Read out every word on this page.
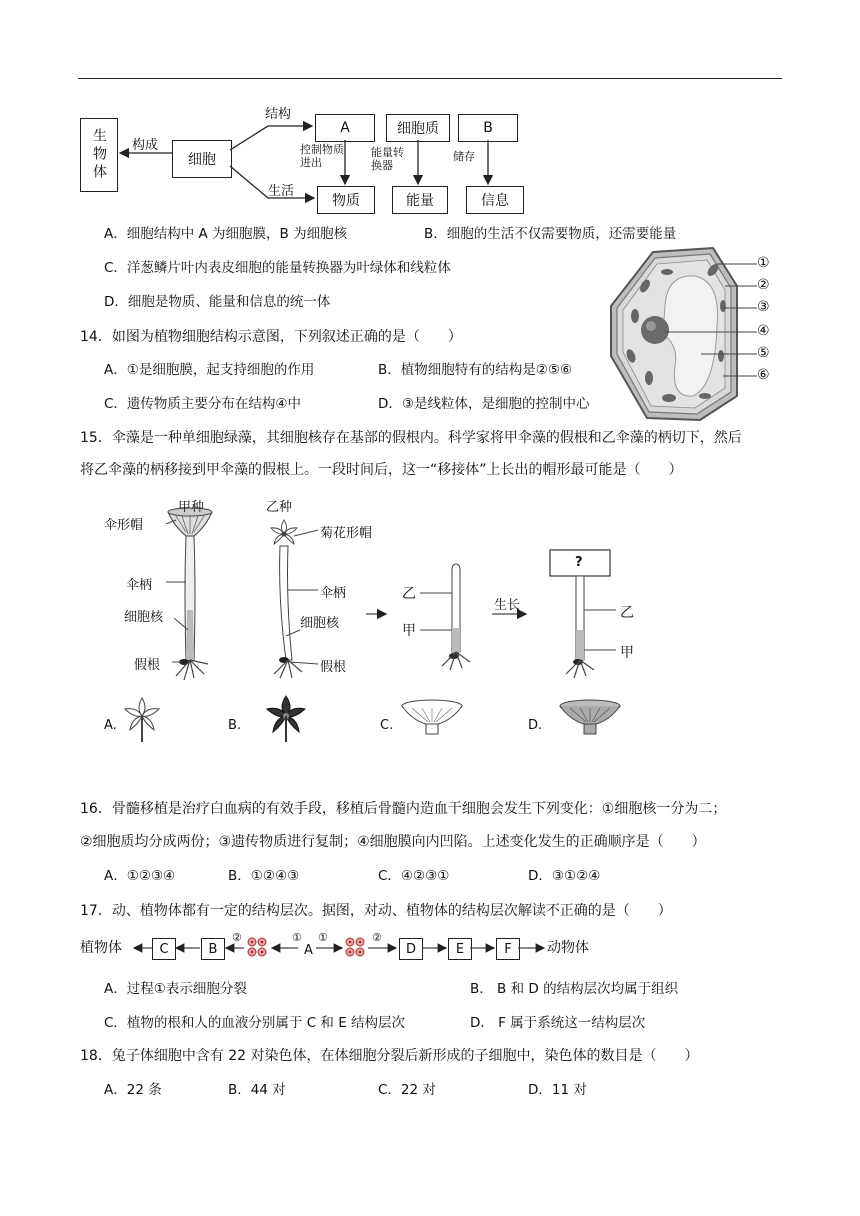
生物体 构成
细胞
结构
生活
A	细胞质	B
控制物质进出
能量转换器
储存
物质	能量	信息
A．细胞结构中 A 为细胞膜，B 为细胞核	B．细胞的生活不仅需要物质，还需要能量
C．洋葱鳞片叶内表皮细胞的能量转换器为叶绿体和线粒体
D．细胞是物质、能量和信息的统一体
①
②
③
④
⑤
⑥
14．如图为植物细胞结构示意图，下列叙述正确的是（　　）
A．①是细胞膜，起支持细胞的作用	B．植物细胞特有的结构是②⑤⑥
C．遗传物质主要分布在结构④中	D．③是线粒体，是细胞的控制中心
15．伞藻是一种单细胞绿藻，其细胞核存在基部的假根内。科学家将甲伞藻的假根和乙伞藻的柄切下，然后
将乙伞藻的柄移接到甲伞藻的假根上。一段时间后，这一“移接体”上长出的帽形最可能是（　　）
甲种	乙种
伞形帽
菊花形帽
伞柄
伞柄
细胞核	细胞核
假根	假根
乙
甲
生长
?
乙
甲
A.	B.	C.	D.
16．骨髓移植是治疗白血病的有效手段，移植后骨髓内造血干细胞会发生下列变化：①细胞核一分为二；
②细胞质均分成两份；③遗传物质进行复制；④细胞膜向内凹陷。上述变化发生的正确顺序是（　　）
A．①②③④	B．①②④③	C．④②③①	D．③①②④
17．动、植物体都有一定的结构层次。据图，对动、植物体的结构层次解读不正确的是（　　）
植物体	C	B	A	D	E	F	动物体
②	① ①	②
A．过程①表示细胞分裂	B． B 和 D 的结构层次均属于组织
C．植物的根和人的血液分别属于 C 和 E 结构层次	D． F 属于系统这一结构层次
18．兔子体细胞中含有 22 对染色体，在体细胞分裂后新形成的子细胞中，染色体的数目是（　　）
A．22 条	B．44 对	C．22 对	D．11 对
